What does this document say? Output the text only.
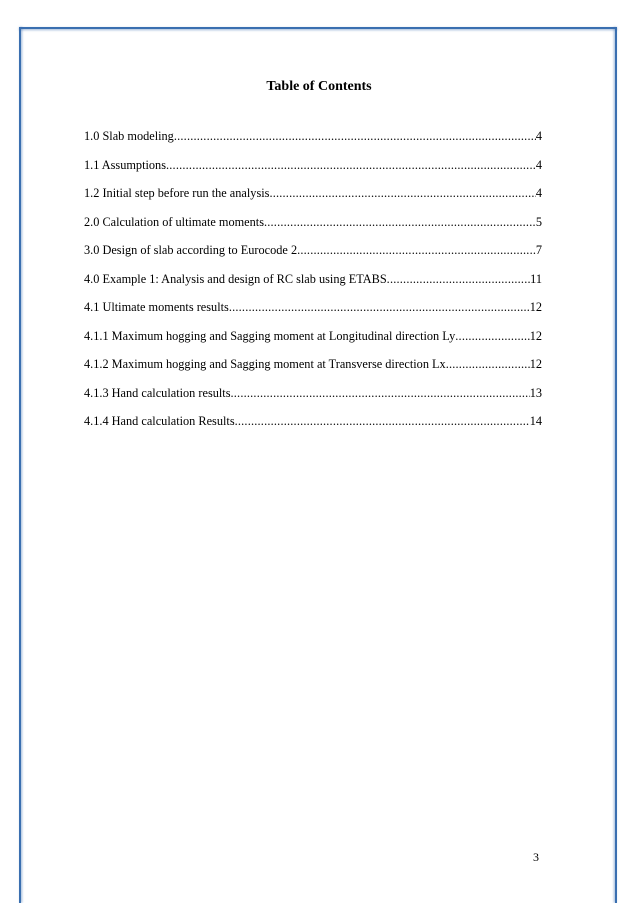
Table of Contents
1.0 Slab modeling .....	4
1.1 Assumptions .....	4
1.2 Initial step before run the analysis .....	4
2.0 Calculation of ultimate moments .....	5
3.0 Design of slab according to Eurocode 2 .....	7
4.0 Example 1: Analysis and design of RC slab using ETABS .....	11
4.1 Ultimate moments results .....	12
4.1.1 Maximum hogging and Sagging moment at Longitudinal direction Ly .....	12
4.1.2 Maximum hogging and Sagging moment at Transverse direction Lx .....	12
4.1.3 Hand calculation results .....	13
4.1.4 Hand calculation Results .....	14
3
